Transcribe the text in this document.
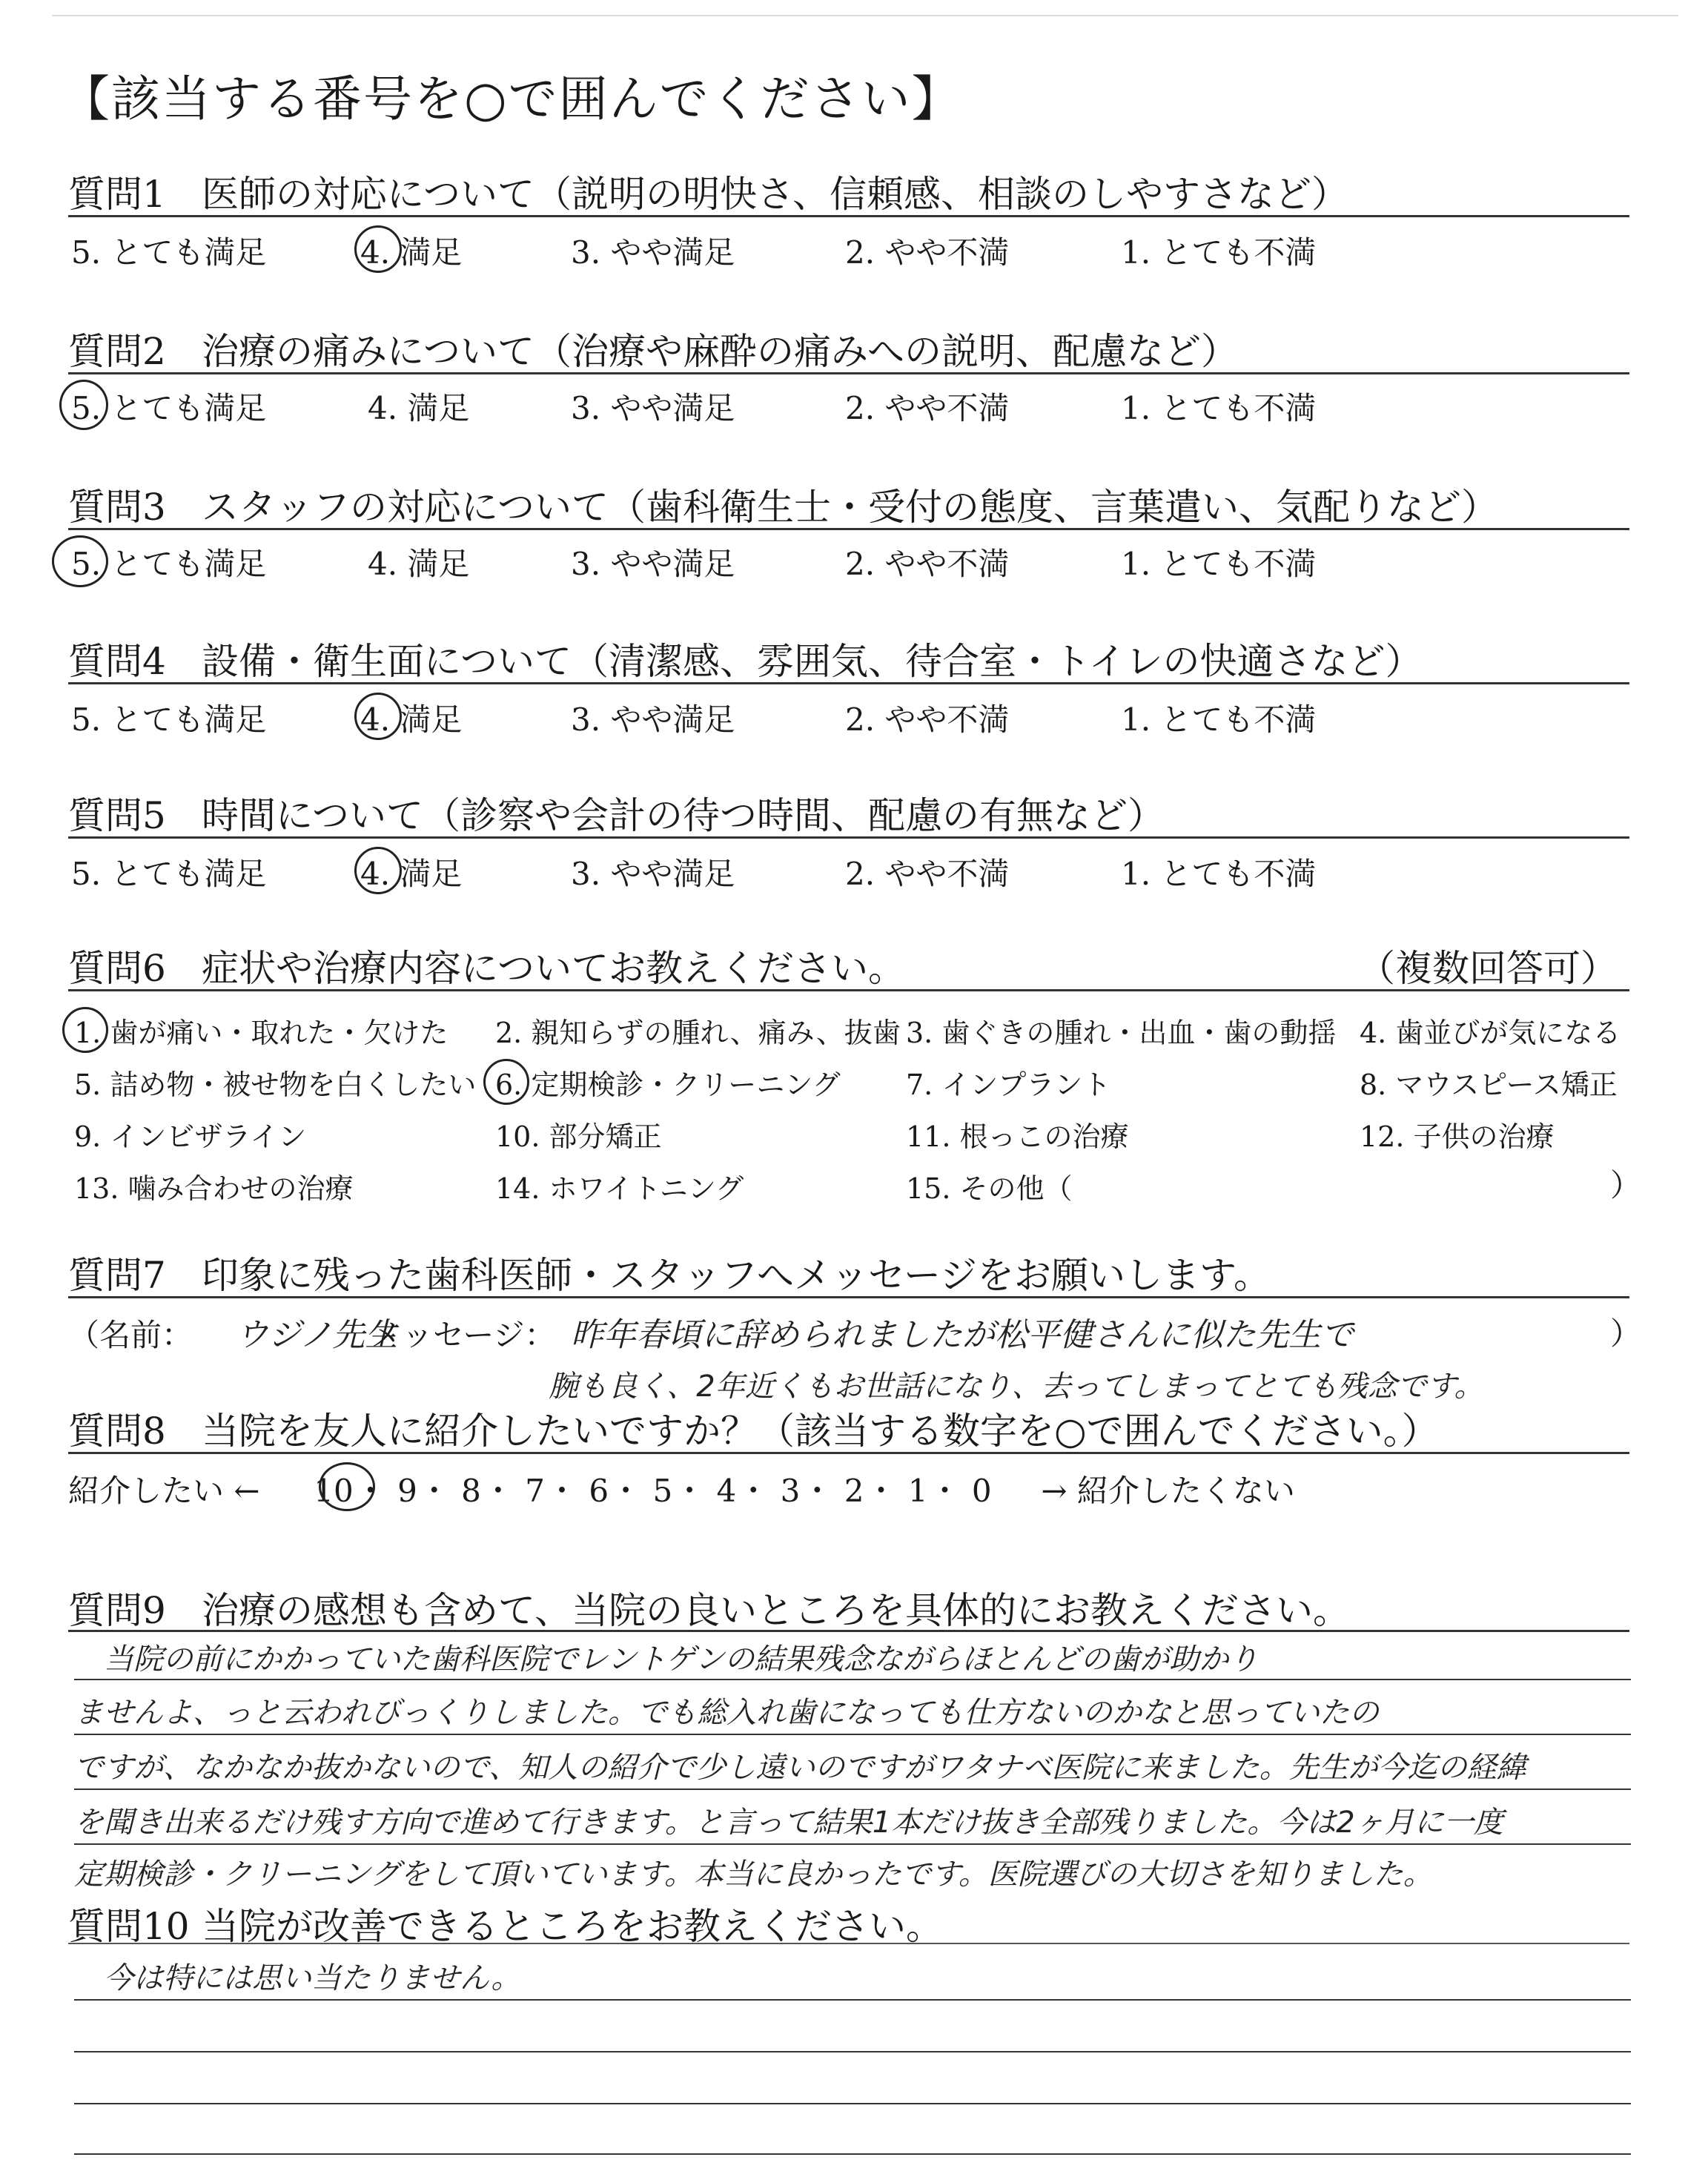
【該当する番号を○で囲んでください】
質問1 医師の対応について（説明の明快さ、信頼感、相談のしやすさなど）
5. とても満足	4. 満足	3. やや満足	2. やや不満	1. とても不満
質問2 治療の痛みについて（治療や麻酔の痛みへの説明、配慮など）
5. とても満足	4. 満足	3. やや満足	2. やや不満	1. とても不満
質問3 スタッフの対応について（歯科衛生士・受付の態度、言葉遣い、気配りなど）
5. とても満足	4. 満足	3. やや満足	2. やや不満	1. とても不満
質問4 設備・衛生面について（清潔感、雰囲気、待合室・トイレの快適さなど）
5. とても満足	4. 満足	3. やや満足	2. やや不満	1. とても不満
質問5 時間について（診察や会計の待つ時間、配慮の有無など）
5. とても満足	4. 満足	3. やや満足	2. やや不満	1. とても不満
質問6 症状や治療内容についてお教えください。	（複数回答可）
1. 歯が痛い・取れた・欠けた 2. 親知らずの腫れ、痛み、抜歯 3. 歯ぐきの腫れ・出血・歯の動揺 4. 歯並びが気になる
5. 詰め物・被せ物を白くしたい 6. 定期検診・クリーニング 7. インプラント	8. マウスピース矯正
9. インビザライン	10. 部分矯正	11. 根っこの治療	12. 子供の治療
13. 噛み合わせの治療	14. ホワイトニング	15. その他（	）
質問7 印象に残った歯科医師・スタッフへメッセージをお願いします。
（名前： ウジノ先生
メッセージ： 昨年春頃に辞められましたが松平健さんに似た先生で
腕も良く、2年近くもお世話になり、去ってしまってとても残念です。
）
質問8 当院を友人に紹介したいですか？（該当する数字を○で囲んでください。）
紹介したい ← 10・ 9・ 8・ 7・ 6・ 5・ 4・ 3・ 2・ 1・ 0 → 紹介したくない
質問9 治療の感想も含めて、当院の良いところを具体的にお教えください。
当院の前にかかっていた歯科医院でレントゲンの結果残念ながらほとんどの歯が助かり
ませんよ、っと云われびっくりしました。でも総入れ歯になっても仕方ないのかなと思っていたの
ですが、なかなか抜かないので、知人の紹介で少し遠いのですがワタナベ医院に来ました。先生が今迄の経緯
を聞き出来るだけ残す方向で進めて行きます。と言って結果1本だけ抜き全部残りました。今は2ヶ月に一度
定期検診・クリーニングをして頂いています。本当に良かったです。医院選びの大切さを知りました。
質問10 当院が改善できるところをお教えください。
今は特には思い当たりません。
